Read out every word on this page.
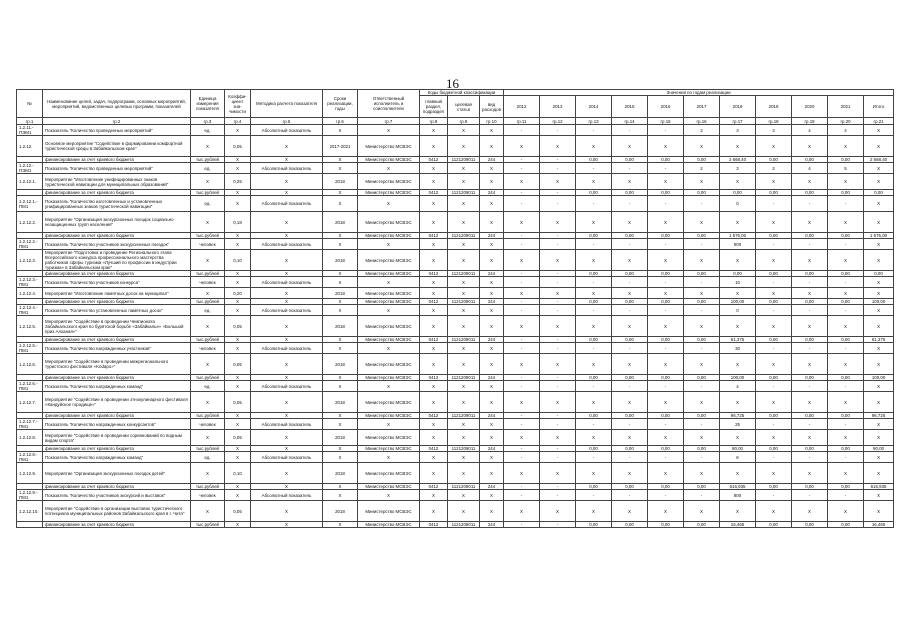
16
№	Наименование целей, задач, подпрограмм, основных мероприятий, мероприятий, ведомственных целевых программ, показателей	Единица измерения показателя	Коэффи-циент зна-чимости	Методика расчета показателя	Сроки реализации, годы	Ответственный исполнитель и соисполнители	Коды бюджетной классификации			Значения по годам реализации										
							главный раздел, подраздел	целевая статья	вид расходов	2012	2013	2014	2015	2016	2017	2018	2019	2020	2021	Итого

гр.1	гр.2	гр.3	гр.4	гр.5	гр.6	гр.7	гр.8	гр.9	гр.10	гр.11	гр.12	гр.13	гр.14	гр.15	гр.16	гр.17	гр.18	гр.19	гр.20	гр.21
1.2.11.-ПЭМ1	Показатель "Количество проведенных мероприятий"	ед.	X	Абсолютный показатель	X	X	X	X	X	-	-	-	-	-	2	3	3	4	4	X
1.2.12.	Основное мероприятие "Содействие в формировании комфортной туристической среды в Забайкальском крае"	X	0,05	X	2017-2021	Министерство МСВЭС	X	X	X	X	X	X	X	X	X	X	X	X	X	X
	финансирование за счет краевого бюджета	тыс.рублей	X	X	X	Министерство МСВЭС	0412	1121209011	244	-	-	0,00	0,00	0,00	0,00	2 668,40	0,00	0,00	0,00	2 668,40
1.2.12.-ПЭМ1	Показатель "Количество проведенных мероприятий"	ед.	X	Абсолютный показатель	X	X	X	X	X	-	-	-	-	-	2	3	3	4	5	X
1.2.12.1.	Мероприятие "Изготовление унифицированных знаков туристической навигации для муниципальных образований"	X	0,25	X	2018	Министерство МСВЭС	X	X	X	X	X	X	X	X	X	X	X	X	X	X
	финансирование за счет краевого бюджета	тыс.рублей	X	X	X	Министерство МСВЭС	0412	1121209011	244	-	-	0,00	0,00	0,00	0,00	0,00	0,00	0,00	0,00	0,00
1.2.12.1.-ПМ1	Показатель "Количество изготовленных и установленных унифицированных знаков туристической навигации"	ед.	X	Абсолютный показатель	X	X	X	X	X	-	-	-	-	-	-	0	-	-	-	X
1.2.12.2.	Мероприятие "Организация экскурсионных поездок социально незащищенных групп населения"	X	0,18	X	2018	Министерство МСВЭС	X	X	X	X	X	X	X	X	X	X	X	X	X	X
	финансирование за счет краевого бюджета	тыс.рублей	X	X	X	Министерство МСВЭС	0412	1121209011	244	-	-	0,00	0,00	0,00	0,00	1 575,00	0,00	0,00	0,00	1 575,00
1.2.12.2.-ПМ1	Показатель "Количество участников экскурсионных поездок"	человек	X	Абсолютный показатель	X	X	X	X	X	-	-	-	-	-	-	900	-	-	-	X
1.2.12.3.	Мероприятие "Подготовка и проведение Регионального этапа Всероссийского конкурса профессионального мастерства работников сферы туризма «Лучший по профессии в индустрии туризма» в Забайкальском крае"	X	0,10	X	2018	Министерство МСВЭС	X	X	X	X	X	X	X	X	X	X	X	X	X	X
	финансирование за счет краевого бюджета	тыс.рублей	X	X	X	Министерство МСВЭС	0412	1121209011	244	-	-	0,00	0,00	0,00	0,00	0,00	0,00	0,00	0,00	0,00
1.2.12.3.-ПМ1	Показатель "Количество участников конкурса"	человек	X	Абсолютный показатель	X	X	X	X	X	-	-	-	-	-	-	10	-	-	-	X
1.2.12.4.	Мероприятие "Изготовление памятных досок на муниципал"	X	0,20	X	2018	Министерство МСВЭС	X	X	X	X	X	X	X	X	X	X	X	X	X	X
	финансирование за счет краевого бюджета	тыс.рублей	X	X	X	Министерство МСВЭС	0412	1121209011	244	-	-	0,00	0,00	0,00	0,00	100,00	0,00	0,00	0,00	100,00
1.2.12.4.-ПМ1	Показатель "Количество установленных памятных досок"	ед.	X	Абсолютный показатель	X	X	X	X	X	-	-	-	-	-	-	0	-	-	-	X
1.2.12.5.	Мероприятие "Содействие в проведении Чемпионата Забайкальского края по бурятской борьбе «Забайкалье» «Большой приз Алханая»"	X	0,05	X	2018	Министерство МСВЭС	X	X	X	X	X	X	X	X	X	X	X	X	X	X
	финансирование за счет краевого бюджета	тыс.рублей	X	X	X	Министерство МСВЭС	0412	1121209011	244	-	-	0,00	0,00	0,00	0,00	61,375	0,00	0,00	0,00	61,375
1.2.12.5.-ПМ1	Показатель "Количество награжденных участников"	человек	X	Абсолютный показатель	X	X	X	X	X	-	-	-	-	-	-	30	-	-	-	X
1.2.12.6.	Мероприятие "Содействие в проведении межрегионального туристского фестиваля «Ködaрo»"	X	0,05	X	2018	Министерство МСВЭС	X	X	X	X	X	X	X	X	X	X	X	X	X	X
	финансирование за счет краевого бюджета	тыс.рублей	X	X	X	Министерство МСВЭС	0412	1121209011	244	-	-	0,00	0,00	0,00	0,00	100,00	0,00	0,00	0,00	100,00
1.2.12.6.-ПМ1	Показатель "Количество награжденных команд"	ед.	X	Абсолютный показатель	X	X	X	X	X	-	-	-	-	-	-	4	-	-	-	X
1.2.12.7.	Мероприятие "Содействие в проведении этнокулинарного фестиваля «Кандуйское городище»"	X	0,05	X	2018	Министерство МСВЭС	X	X	X	X	X	X	X	X	X	X	X	X	X	X
	финансирование за счет краевого бюджета	тыс.рублей	X	X	X	Министерство МСВЭС	0412	1121209011	244	-	-	0,00	0,00	0,00	0,00	96,725	0,00	0,00	0,00	96,725
1.2.12.7.-ПМ1	Показатель "Количество награжденных конкурсантов"	человек	X	Абсолютный показатель	X	X	X	X	X	-	-	-	-	-	-	25	-	-	-	X
1.2.12.8.	Мероприятие "Содействие в проведении соревнований по водным видам спорта"	X	0,05	X	2018	Министерство МСВЭС	X	X	X	X	X	X	X	X	X	X	X	X	X	X
	финансирование за счет краевого бюджета	тыс.рублей	X	X	X	Министерство МСВЭС	0412	1121209011	244	-	-	0,00	0,00	0,00	0,00	90,00	0,00	0,00	0,00	90,00
1.2.12.8.-ПМ1	Показатель "Количество награжденных команд"	ед.	X	Абсолютный показатель	X	X	X	X	X	-	-	-	-	-	-	8	-	-	-	X
1.2.12.9.	Мероприятие "Организация экскурсионных поездок детей"	X	0,10	X	2018	Министерство МСВЭС	X	X	X	X	X	X	X	X	X	X	X	X	X	X
	финансирование за счет краевого бюджета	тыс.рублей	X	X	X	Министерство МСВЭС	0412	1121209011	244	-	-	0,00	0,00	0,00	0,00	616,935	0,00	0,00	0,00	616,935
1.2.12.9.-ПМ1	Показатель "Количество участников экскурсий и выставок"	человек	X	Абсолютный показатель	X	X	X	X	X	-	-	-	-	-	-	800	-	-	-	X
1.2.12.10.	Мероприятие "Содействие в организации выставок туристического потенциала муниципальных районов Забайкальского края в г. Чита"	X	0,05	X	2018	Министерство МСВЭС	X	X	X	X	X	X	X	X	X	X	X	X	X	X
	финансирование за счет краевого бюджета	тыс.рублей	X	X	X	Министерство МСВЭС	0412	1121209011	244	-	-	0,00	0,00	0,00	0,00	16,465	0,00	0,00	0,00	16,465
